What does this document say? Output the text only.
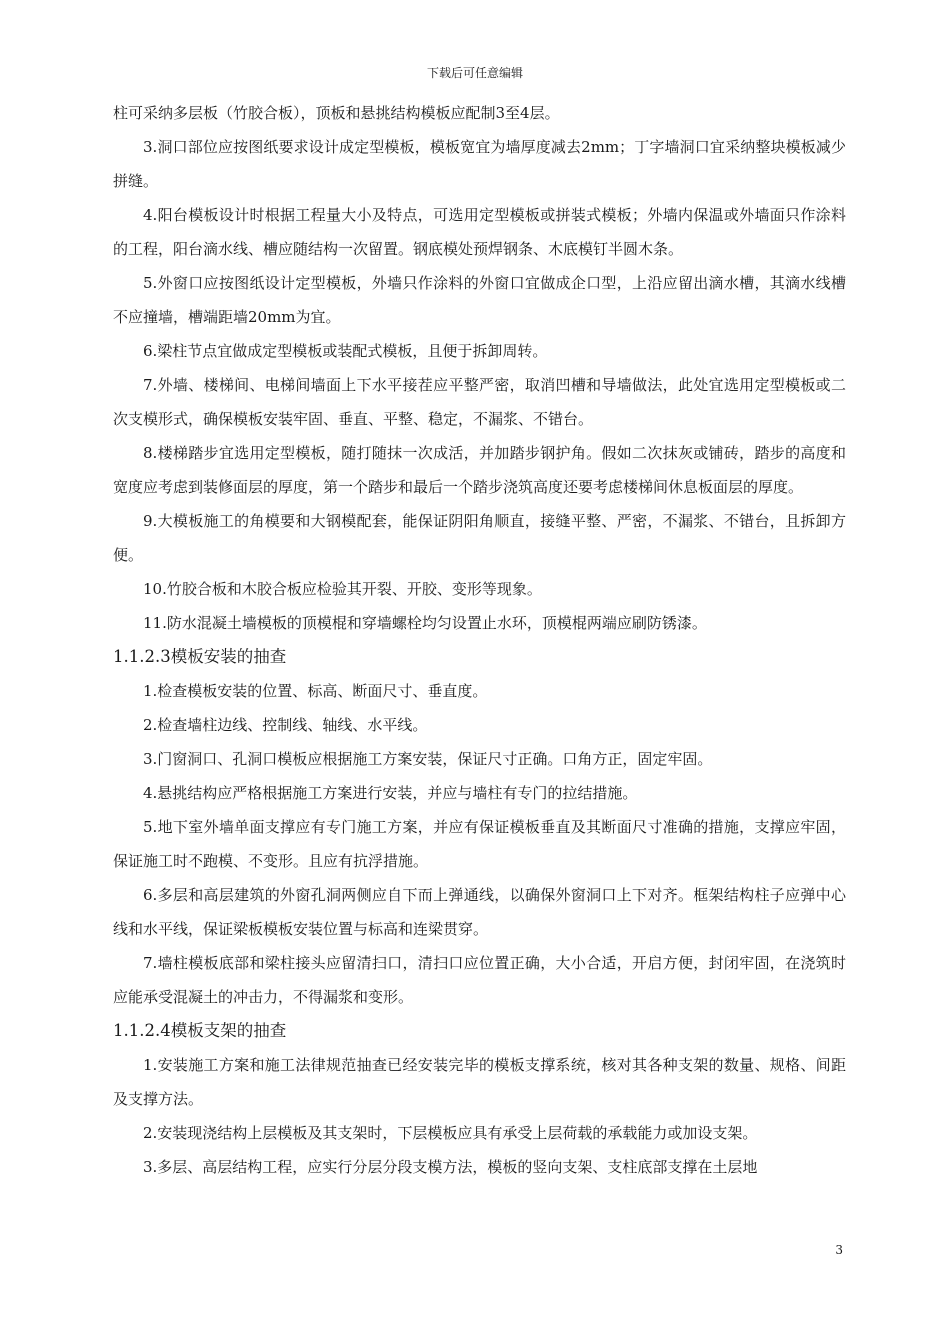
下载后可任意编辑

柱可采纳多层板（竹胶合板），顶板和悬挑结构模板应配制3至4层。

3.洞口部位应按图纸要求设计成定型模板，模板宽宜为墙厚度减去2mm；丁字墙洞口宜采纳整块模板减少拼缝。

4.阳台模板设计时根据工程量大小及特点，可选用定型模板或拼装式模板；外墙内保温或外墙面只作涂料的工程，阳台滴水线、槽应随结构一次留置。钢底模处预焊钢条、木底模钉半圆木条。

5.外窗口应按图纸设计定型模板，外墙只作涂料的外窗口宜做成企口型，上沿应留出滴水槽，其滴水线槽不应撞墙，槽端距墙20mm为宜。

6.梁柱节点宜做成定型模板或装配式模板，且便于拆卸周转。

7.外墙、楼梯间、电梯间墙面上下水平接茬应平整严密，取消凹槽和导墙做法，此处宜选用定型模板或二次支模形式，确保模板安装牢固、垂直、平整、稳定，不漏浆、不错台。

8.楼梯踏步宜选用定型模板，随打随抹一次成活，并加踏步钢护角。假如二次抹灰或铺砖，踏步的高度和宽度应考虑到装修面层的厚度，第一个踏步和最后一个踏步浇筑高度还要考虑楼梯间休息板面层的厚度。

9.大模板施工的角模要和大钢模配套，能保证阴阳角顺直，接缝平整、严密，不漏浆、不错台，且拆卸方便。

10.竹胶合板和木胶合板应检验其开裂、开胶、变形等现象。

11.防水混凝土墙模板的顶模棍和穿墙螺栓均匀设置止水环，顶模棍两端应刷防锈漆。

1.1.2.3模板安装的抽查

1.检查模板安装的位置、标高、断面尺寸、垂直度。

2.检查墙柱边线、控制线、轴线、水平线。

3.门窗洞口、孔洞口模板应根据施工方案安装，保证尺寸正确。口角方正，固定牢固。

4.悬挑结构应严格根据施工方案进行安装，并应与墙柱有专门的拉结措施。

5.地下室外墙单面支撑应有专门施工方案，并应有保证模板垂直及其断面尺寸准确的措施，支撑应牢固，保证施工时不跑模、不变形。且应有抗浮措施。

6.多层和高层建筑的外窗孔洞两侧应自下而上弹通线，以确保外窗洞口上下对齐。框架结构柱子应弹中心线和水平线，保证梁板模板安装位置与标高和连梁贯穿。

7.墙柱模板底部和梁柱接头应留清扫口，清扫口应位置正确，大小合适，开启方便，封闭牢固，在浇筑时应能承受混凝土的冲击力，不得漏浆和变形。

1.1.2.4模板支架的抽查

1.安装施工方案和施工法律规范抽查已经安装完毕的模板支撑系统，核对其各种支架的数量、规格、间距及支撑方法。

2.安装现浇结构上层模板及其支架时，下层模板应具有承受上层荷载的承载能力或加设支架。

3.多层、高层结构工程，应实行分层分段支模方法，模板的竖向支架、支柱底部支撑在土层地

3
